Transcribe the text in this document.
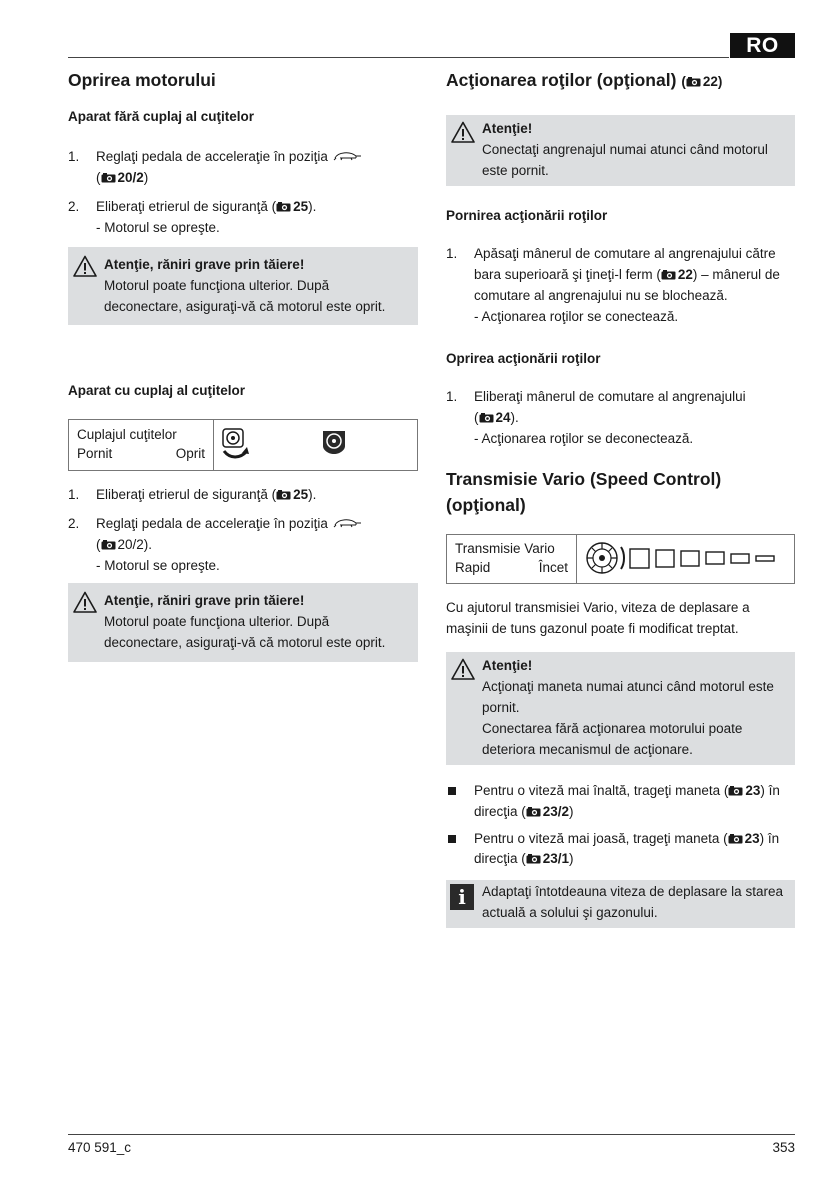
RO
Oprirea motorului
Aparat fără cuplaj al cuţitelor
1. Reglaţi pedala de acceleraţie în poziţia
( 20/2)
2. Eliberaţi etrierul de siguranţă ( 25).
- Motorul se opreşte.
Atenţie, răniri grave prin tăiere!
Motorul poate funcţiona ulterior. După deconectare, asiguraţi-vă că motorul este oprit.
Aparat cu cuplaj al cuţitelor
Cuplajul cuţitelor
Pornit	Oprit
1. Eliberaţi etrierul de siguranţă ( 25).
2. Reglaţi pedala de acceleraţie în poziţia
( 20/2).
- Motorul se opreşte.
Atenţie, răniri grave prin tăiere!
Motorul poate funcţiona ulterior. După deconectare, asiguraţi-vă că motorul este oprit.
Acţionarea roţilor (opţional) ( 22)
Atenţie!
Conectaţi angrenajul numai atunci când motorul este pornit.
Pornirea acţionării roţilor
1. Apăsaţi mânerul de comutare al angrenajului către bara superioară şi ţineţi-l ferm ( 22) – mânerul de comutare al angrenajului nu se blochează.
- Acţionarea roţilor se conectează.
Oprirea acţionării roţilor
1. Eliberaţi mânerul de comutare al angrenajului
( 24).
- Acţionarea roţilor se deconectează.
Transmisie Vario (Speed Control) (opţional)
Transmisie Vario
Rapid	Încet

Cu ajutorul transmisiei Vario, viteza de deplasare a maşinii de tuns gazonul poate fi modificat treptat.

Atenţie!
Acţionaţi maneta numai atunci când motorul este pornit.
Conectarea fără acţionarea motorului poate deteriora mecanismul de acţionare.
Pentru o viteză mai înaltă, trageţi maneta ( 23) în direcţia ( 23/2)
Pentru o viteză mai joasă, trageţi maneta ( 23) în direcţia ( 23/1)
i	Adaptaţi întotdeauna viteza de deplasare la starea actuală a solului şi gazonului.
470 591_c	353
